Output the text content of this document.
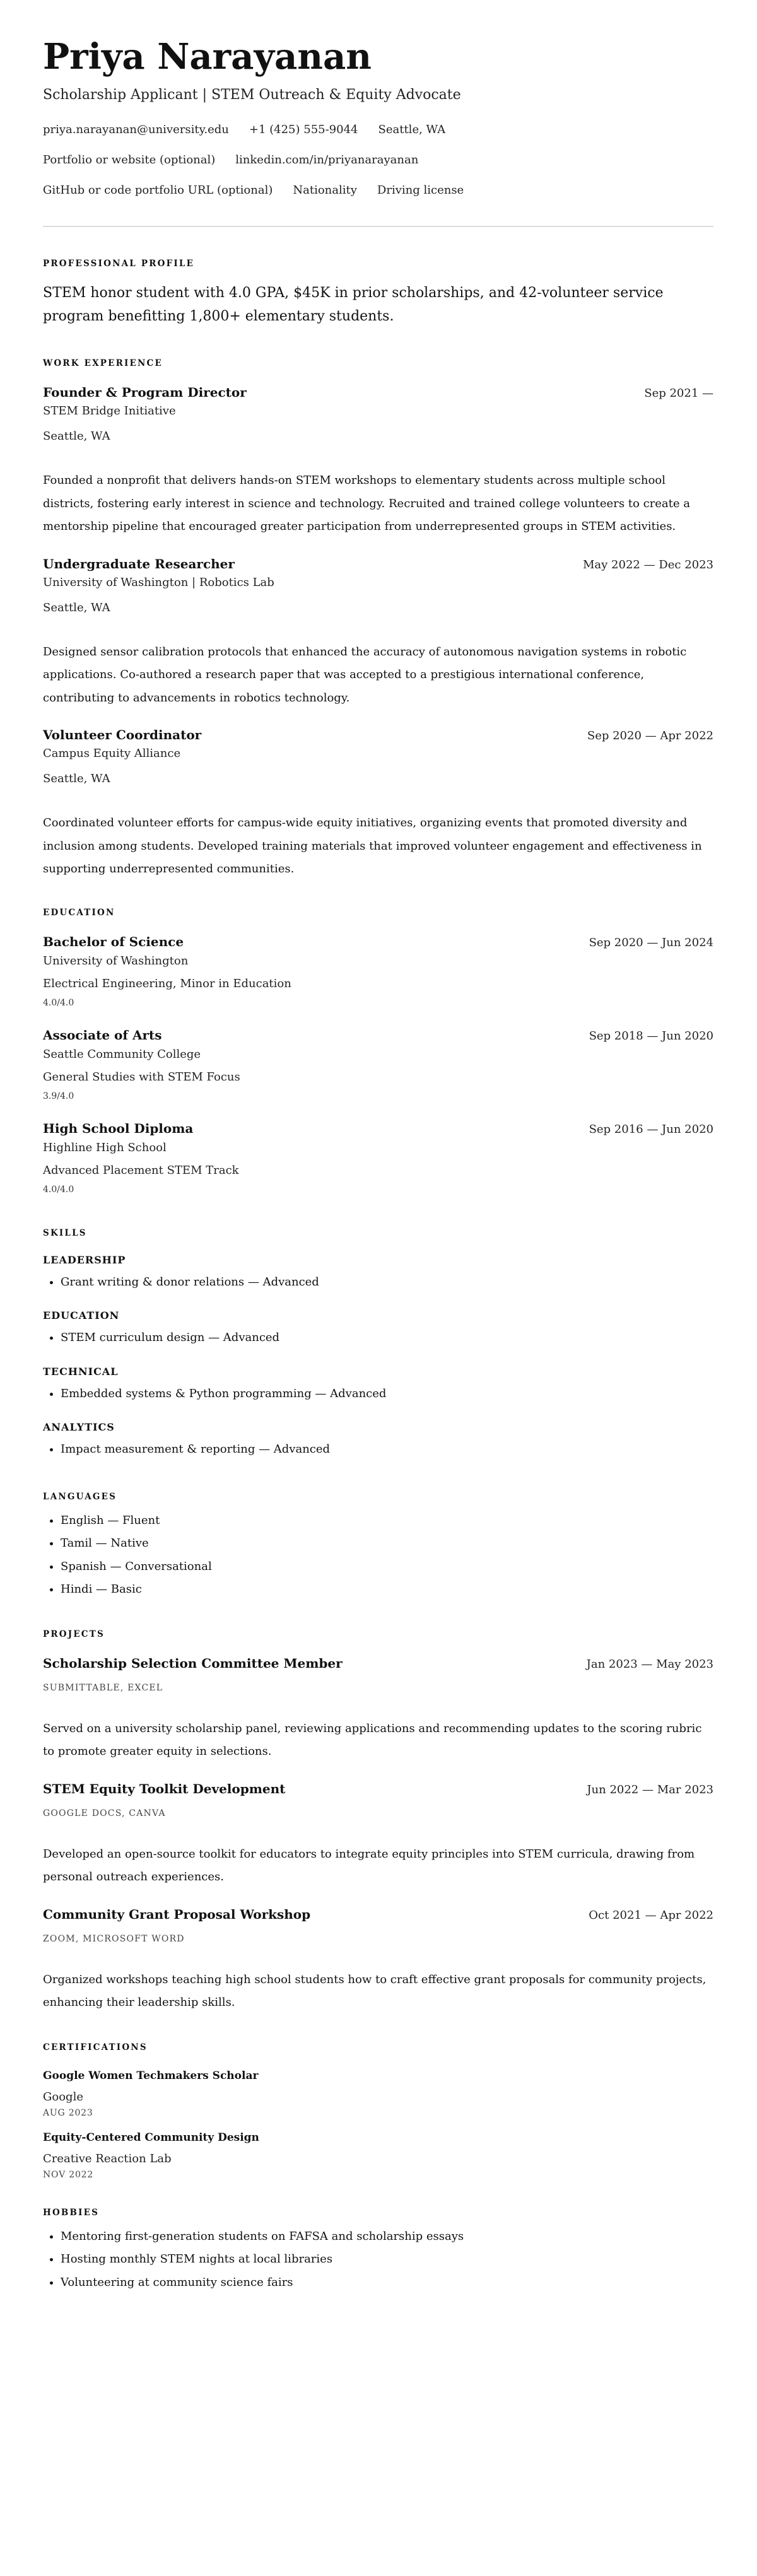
Priya Narayanan
Scholarship Applicant | STEM Outreach & Equity Advocate
priya.narayanan@university.edu +1 (425) 555-9044 Seattle, WA
Portfolio or website (optional) linkedin.com/in/priyanarayanan
GitHub or code portfolio URL (optional) Nationality Driving license
PROFESSIONAL PROFILE
STEM honor student with 4.0 GPA, $45K in prior scholarships, and 42-volunteer service program benefitting 1,800+ elementary students.
WORK EXPERIENCE
Founder & Program Director	Sep 2021 —
STEM Bridge Initiative
Seattle, WA
Founded a nonprofit that delivers hands-on STEM workshops to elementary students across multiple school districts, fostering early interest in science and technology. Recruited and trained college volunteers to create a mentorship pipeline that encouraged greater participation from underrepresented groups in STEM activities.
Undergraduate Researcher	May 2022 — Dec 2023
University of Washington | Robotics Lab
Seattle, WA
Designed sensor calibration protocols that enhanced the accuracy of autonomous navigation systems in robotic applications. Co-authored a research paper that was accepted to a prestigious international conference, contributing to advancements in robotics technology.
Volunteer Coordinator	Sep 2020 — Apr 2022
Campus Equity Alliance
Seattle, WA
Coordinated volunteer efforts for campus-wide equity initiatives, organizing events that promoted diversity and inclusion among students. Developed training materials that improved volunteer engagement and effectiveness in supporting underrepresented communities.
EDUCATION
Bachelor of Science	Sep 2020 — Jun 2024
University of Washington
Electrical Engineering, Minor in Education
4.0/4.0
Associate of Arts	Sep 2018 — Jun 2020
Seattle Community College
General Studies with STEM Focus
3.9/4.0
High School Diploma	Sep 2016 — Jun 2020
Highline High School
Advanced Placement STEM Track
4.0/4.0
SKILLS
LEADERSHIP
• Grant writing & donor relations — Advanced
EDUCATION
• STEM curriculum design — Advanced
TECHNICAL
• Embedded systems & Python programming — Advanced
ANALYTICS
• Impact measurement & reporting — Advanced
LANGUAGES
• English — Fluent
• Tamil — Native
• Spanish — Conversational
• Hindi — Basic
PROJECTS
Scholarship Selection Committee Member	Jan 2023 — May 2023
SUBMITTABLE, EXCEL
Served on a university scholarship panel, reviewing applications and recommending updates to the scoring rubric to promote greater equity in selections.
STEM Equity Toolkit Development	Jun 2022 — Mar 2023
GOOGLE DOCS, CANVA
Developed an open-source toolkit for educators to integrate equity principles into STEM curricula, drawing from personal outreach experiences.
Community Grant Proposal Workshop	Oct 2021 — Apr 2022
ZOOM, MICROSOFT WORD
Organized workshops teaching high school students how to craft effective grant proposals for community projects, enhancing their leadership skills.
CERTIFICATIONS
Google Women Techmakers Scholar
Google
AUG 2023
Equity-Centered Community Design
Creative Reaction Lab
NOV 2022
HOBBIES
• Mentoring first-generation students on FAFSA and scholarship essays
• Hosting monthly STEM nights at local libraries
• Volunteering at community science fairs
